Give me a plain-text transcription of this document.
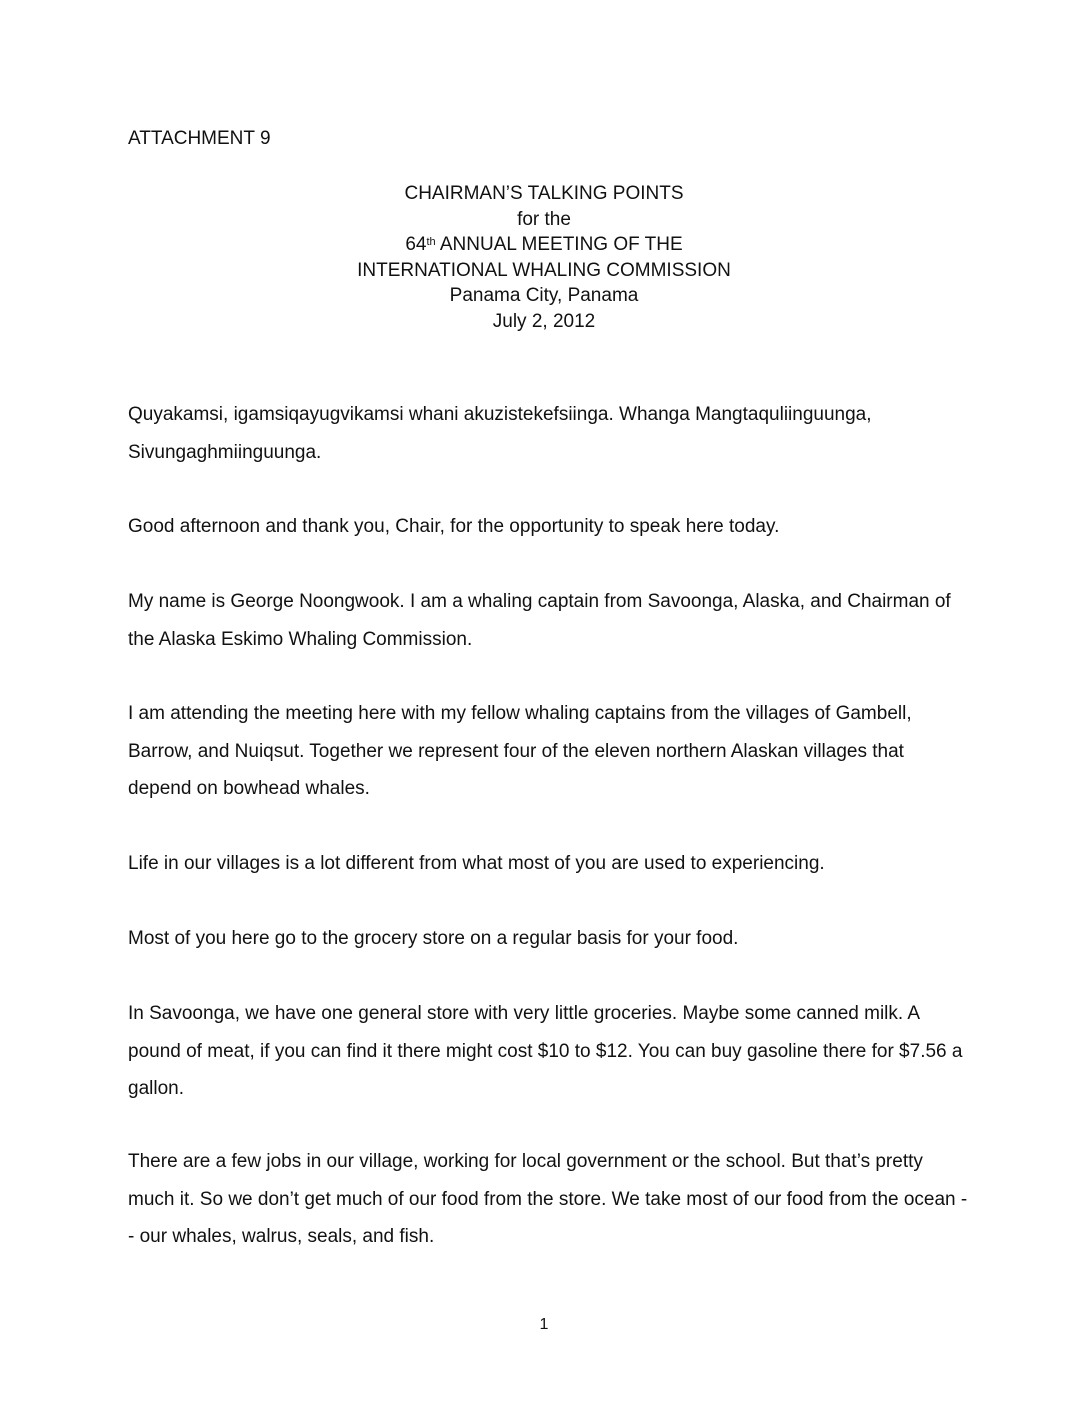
ATTACHMENT 9
CHAIRMAN’S TALKING POINTS
for the
64th ANNUAL MEETING OF THE
INTERNATIONAL WHALING COMMISSION
Panama City, Panama
July 2, 2012
Quyakamsi, igamsiqayugvikamsi whani akuzistekefsiinga. Whanga Mangtaquliinguunga, Sivungaghmiinguunga.
Good afternoon and thank you, Chair, for the opportunity to speak here today.
My name is George Noongwook. I am a whaling captain from Savoonga, Alaska, and Chairman of the Alaska Eskimo Whaling Commission.
I am attending the meeting here with my fellow whaling captains from the villages of Gambell, Barrow, and Nuiqsut. Together we represent four of the eleven northern Alaskan villages that depend on bowhead whales.
Life in our villages is a lot different from what most of you are used to experiencing.
Most of you here go to the grocery store on a regular basis for your food.
In Savoonga, we have one general store with very little groceries. Maybe some canned milk. A pound of meat, if you can find it there might cost $10 to $12. You can buy gasoline there for $7.56 a gallon.
There are a few jobs in our village, working for local government or the school. But that’s pretty much it. So we don’t get much of our food from the store. We take most of our food from the ocean -- our whales, walrus, seals, and fish.
1
